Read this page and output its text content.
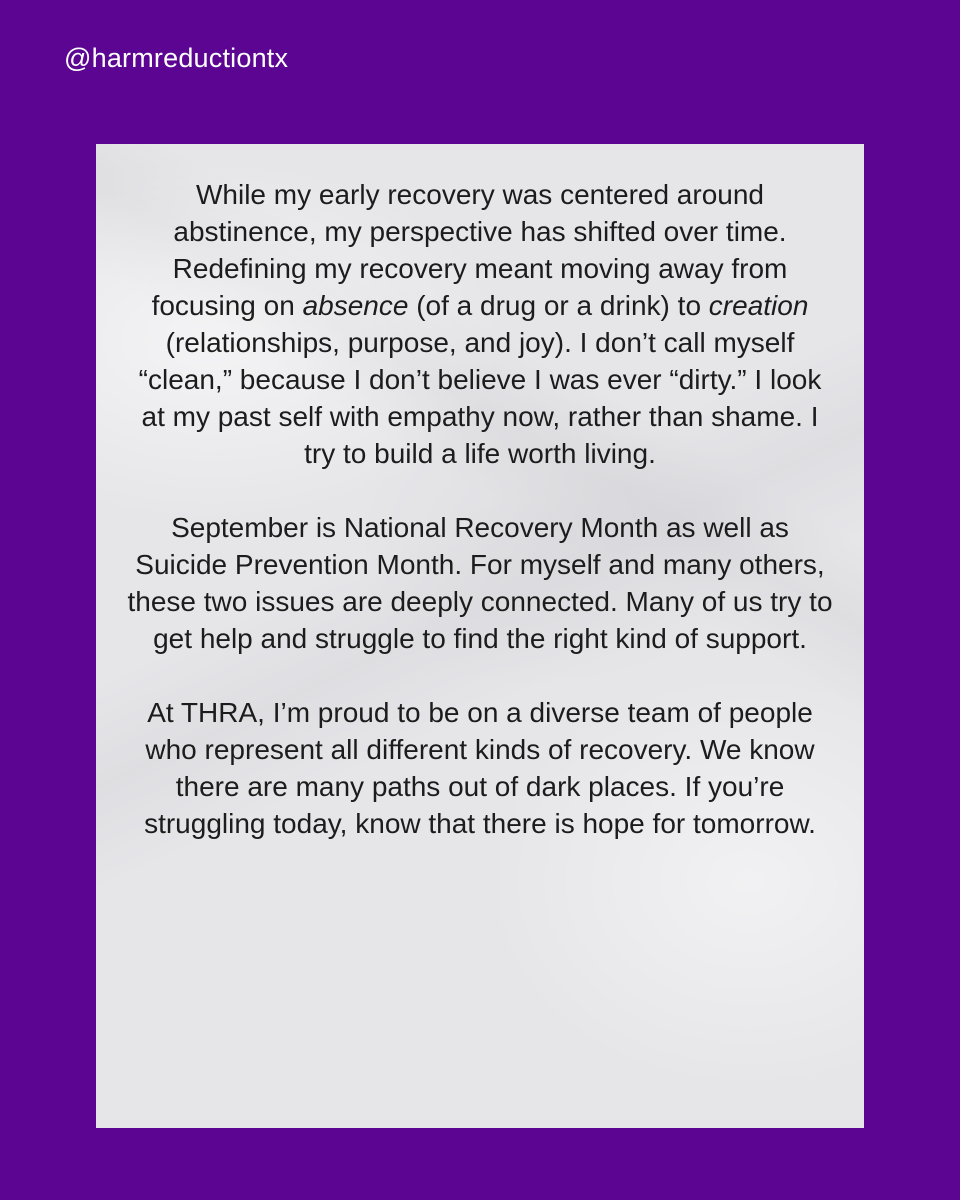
@harmreductiontx

While my early recovery was centered around abstinence, my perspective has shifted over time. Redefining my recovery meant moving away from focusing on absence (of a drug or a drink) to creation (relationships, purpose, and joy). I don’t call myself “clean,” because I don’t believe I was ever “dirty.” I look at my past self with empathy now, rather than shame. I try to build a life worth living.

September is National Recovery Month as well as Suicide Prevention Month. For myself and many others, these two issues are deeply connected. Many of us try to get help and struggle to find the right kind of support.

At THRA, I’m proud to be on a diverse team of people who represent all different kinds of recovery. We know there are many paths out of dark places. If you’re struggling today, know that there is hope for tomorrow.
